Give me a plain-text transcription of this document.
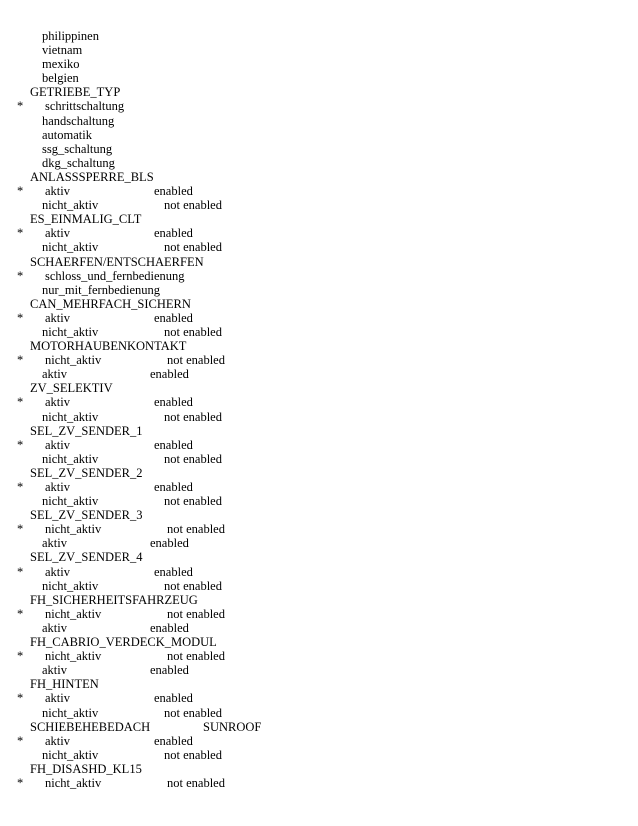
philippinen
vietnam
mexiko
belgien
GETRIEBE_TYP
* schrittschaltung
handschaltung
automatik
ssg_schaltung
dkg_schaltung
ANLASSSPERRE_BLS
* aktiv	enabled
nicht_aktiv	not enabled
ES_EINMALIG_CLT
* aktiv	enabled
nicht_aktiv	not enabled
SCHAERFEN/ENTSCHAERFEN
* schloss_und_fernbedienung
nur_mit_fernbedienung
CAN_MEHRFACH_SICHERN
* aktiv	enabled
nicht_aktiv	not enabled
MOTORHAUBENKONTAKT
* nicht_aktiv	not enabled
aktiv	enabled
ZV_SELEKTIV
* aktiv	enabled
nicht_aktiv	not enabled
SEL_ZV_SENDER_1
* aktiv	enabled
nicht_aktiv	not enabled
SEL_ZV_SENDER_2
* aktiv	enabled
nicht_aktiv	not enabled
SEL_ZV_SENDER_3
* nicht_aktiv	not enabled
aktiv	enabled
SEL_ZV_SENDER_4
* aktiv	enabled
nicht_aktiv	not enabled
FH_SICHERHEITSFAHRZEUG
* nicht_aktiv	not enabled
aktiv	enabled
FH_CABRIO_VERDECK_MODUL
* nicht_aktiv	not enabled
aktiv	enabled
FH_HINTEN
* aktiv	enabled
nicht_aktiv	not enabled
SCHIEBEHEBEDACH	SUNROOF
* aktiv	enabled
nicht_aktiv	not enabled
FH_DISASHD_KL15
* nicht_aktiv	not enabled
